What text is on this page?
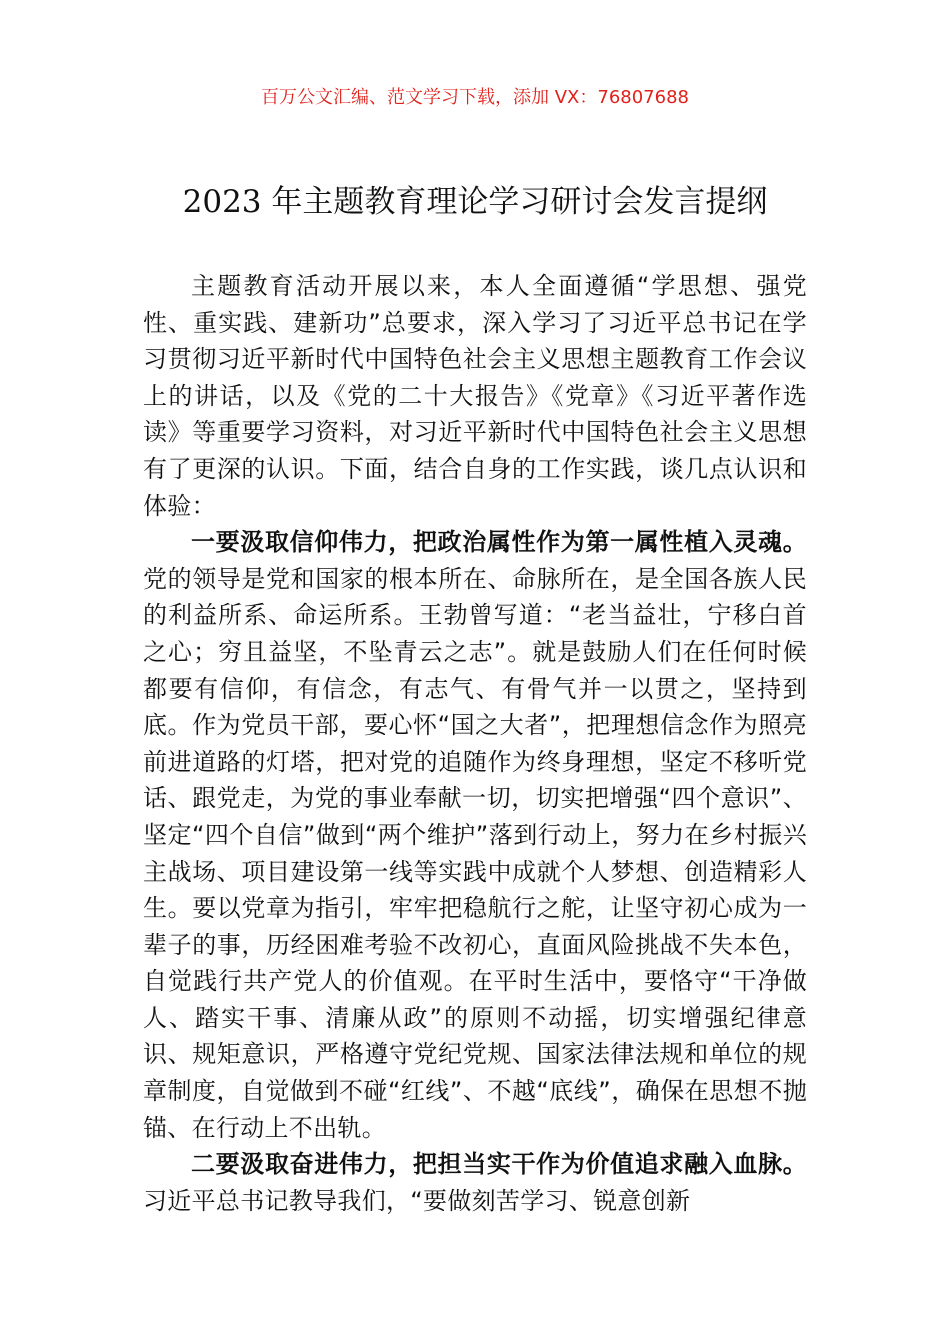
百万公文汇编、范文学习下载，添加 VX：76807688
2023 年主题教育理论学习研讨会发言提纲

主题教育活动开展以来，本人全面遵循“学思想、强党性、重实践、建新功”总要求，深入学习了习近平总书记在学习贯彻习近平新时代中国特色社会主义思想主题教育工作会议上的讲话，以及《党的二十大报告》《党章》《习近平著作选读》等重要学习资料，对习近平新时代中国特色社会主义思想有了更深的认识。下面，结合自身的工作实践，谈几点认识和体验：

一要汲取信仰伟力，把政治属性作为第一属性植入灵魂。党的领导是党和国家的根本所在、命脉所在，是全国各族人民的利益所系、命运所系。王勃曾写道：“老当益壮，宁移白首之心；穷且益坚，不坠青云之志”。就是鼓励人们在任何时候都要有信仰，有信念，有志气、有骨气并一以贯之，坚持到底。作为党员干部，要心怀“国之大者”，把理想信念作为照亮前进道路的灯塔，把对党的追随作为终身理想，坚定不移听党话、跟党走，为党的事业奉献一切，切实把增强“四个意识”、坚定“四个自信”做到“两个维护”落到行动上，努力在乡村振兴主战场、项目建设第一线等实践中成就个人梦想、创造精彩人生。要以党章为指引，牢牢把稳航行之舵，让坚守初心成为一辈子的事，历经困难考验不改初心，直面风险挑战不失本色，自觉践行共产党人的价值观。在平时生活中，要恪守“干净做人、踏实干事、清廉从政”的原则不动摇，切实增强纪律意识、规矩意识，严格遵守党纪党规、国家法律法规和单位的规章制度，自觉做到不碰“红线”、不越“底线”，确保在思想不抛锚、在行动上不出轨。

二要汲取奋进伟力，把担当实干作为价值追求融入血脉。习近平总书记教导我们，“要做刻苦学习、锐意创新
